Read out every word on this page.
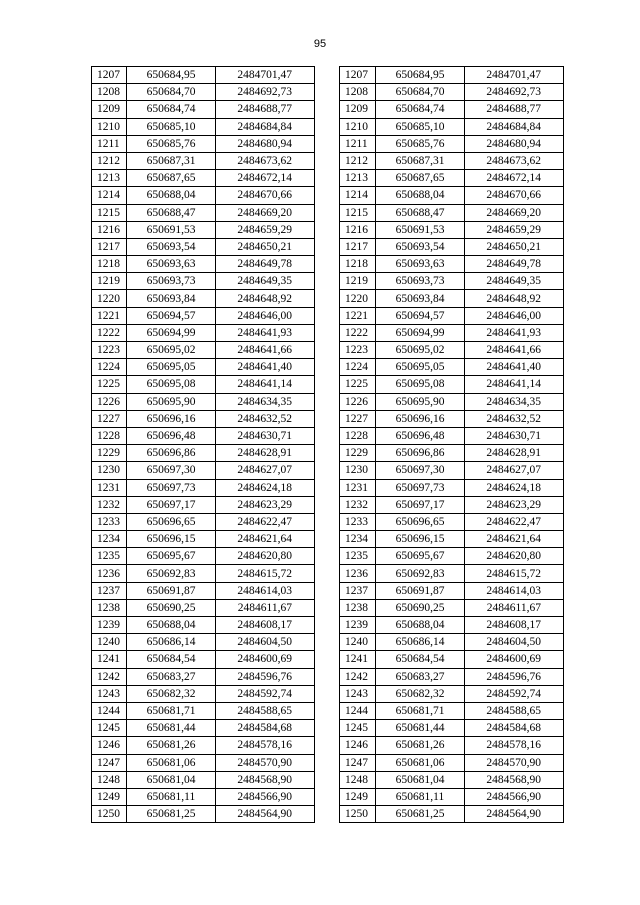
95
1207	650684,95	2484701,47
1208	650684,70	2484692,73
1209	650684,74	2484688,77
1210	650685,10	2484684,84
1211	650685,76	2484680,94
1212	650687,31	2484673,62
1213	650687,65	2484672,14
1214	650688,04	2484670,66
1215	650688,47	2484669,20
1216	650691,53	2484659,29
1217	650693,54	2484650,21
1218	650693,63	2484649,78
1219	650693,73	2484649,35
1220	650693,84	2484648,92
1221	650694,57	2484646,00
1222	650694,99	2484641,93
1223	650695,02	2484641,66
1224	650695,05	2484641,40
1225	650695,08	2484641,14
1226	650695,90	2484634,35
1227	650696,16	2484632,52
1228	650696,48	2484630,71
1229	650696,86	2484628,91
1230	650697,30	2484627,07
1231	650697,73	2484624,18
1232	650697,17	2484623,29
1233	650696,65	2484622,47
1234	650696,15	2484621,64
1235	650695,67	2484620,80
1236	650692,83	2484615,72
1237	650691,87	2484614,03
1238	650690,25	2484611,67
1239	650688,04	2484608,17
1240	650686,14	2484604,50
1241	650684,54	2484600,69
1242	650683,27	2484596,76
1243	650682,32	2484592,74
1244	650681,71	2484588,65
1245	650681,44	2484584,68
1246	650681,26	2484578,16
1247	650681,06	2484570,90
1248	650681,04	2484568,90
1249	650681,11	2484566,90
1250	650681,25	2484564,90
1207	650684,95	2484701,47
1208	650684,70	2484692,73
1209	650684,74	2484688,77
1210	650685,10	2484684,84
1211	650685,76	2484680,94
1212	650687,31	2484673,62
1213	650687,65	2484672,14
1214	650688,04	2484670,66
1215	650688,47	2484669,20
1216	650691,53	2484659,29
1217	650693,54	2484650,21
1218	650693,63	2484649,78
1219	650693,73	2484649,35
1220	650693,84	2484648,92
1221	650694,57	2484646,00
1222	650694,99	2484641,93
1223	650695,02	2484641,66
1224	650695,05	2484641,40
1225	650695,08	2484641,14
1226	650695,90	2484634,35
1227	650696,16	2484632,52
1228	650696,48	2484630,71
1229	650696,86	2484628,91
1230	650697,30	2484627,07
1231	650697,73	2484624,18
1232	650697,17	2484623,29
1233	650696,65	2484622,47
1234	650696,15	2484621,64
1235	650695,67	2484620,80
1236	650692,83	2484615,72
1237	650691,87	2484614,03
1238	650690,25	2484611,67
1239	650688,04	2484608,17
1240	650686,14	2484604,50
1241	650684,54	2484600,69
1242	650683,27	2484596,76
1243	650682,32	2484592,74
1244	650681,71	2484588,65
1245	650681,44	2484584,68
1246	650681,26	2484578,16
1247	650681,06	2484570,90
1248	650681,04	2484568,90
1249	650681,11	2484566,90
1250	650681,25	2484564,90
